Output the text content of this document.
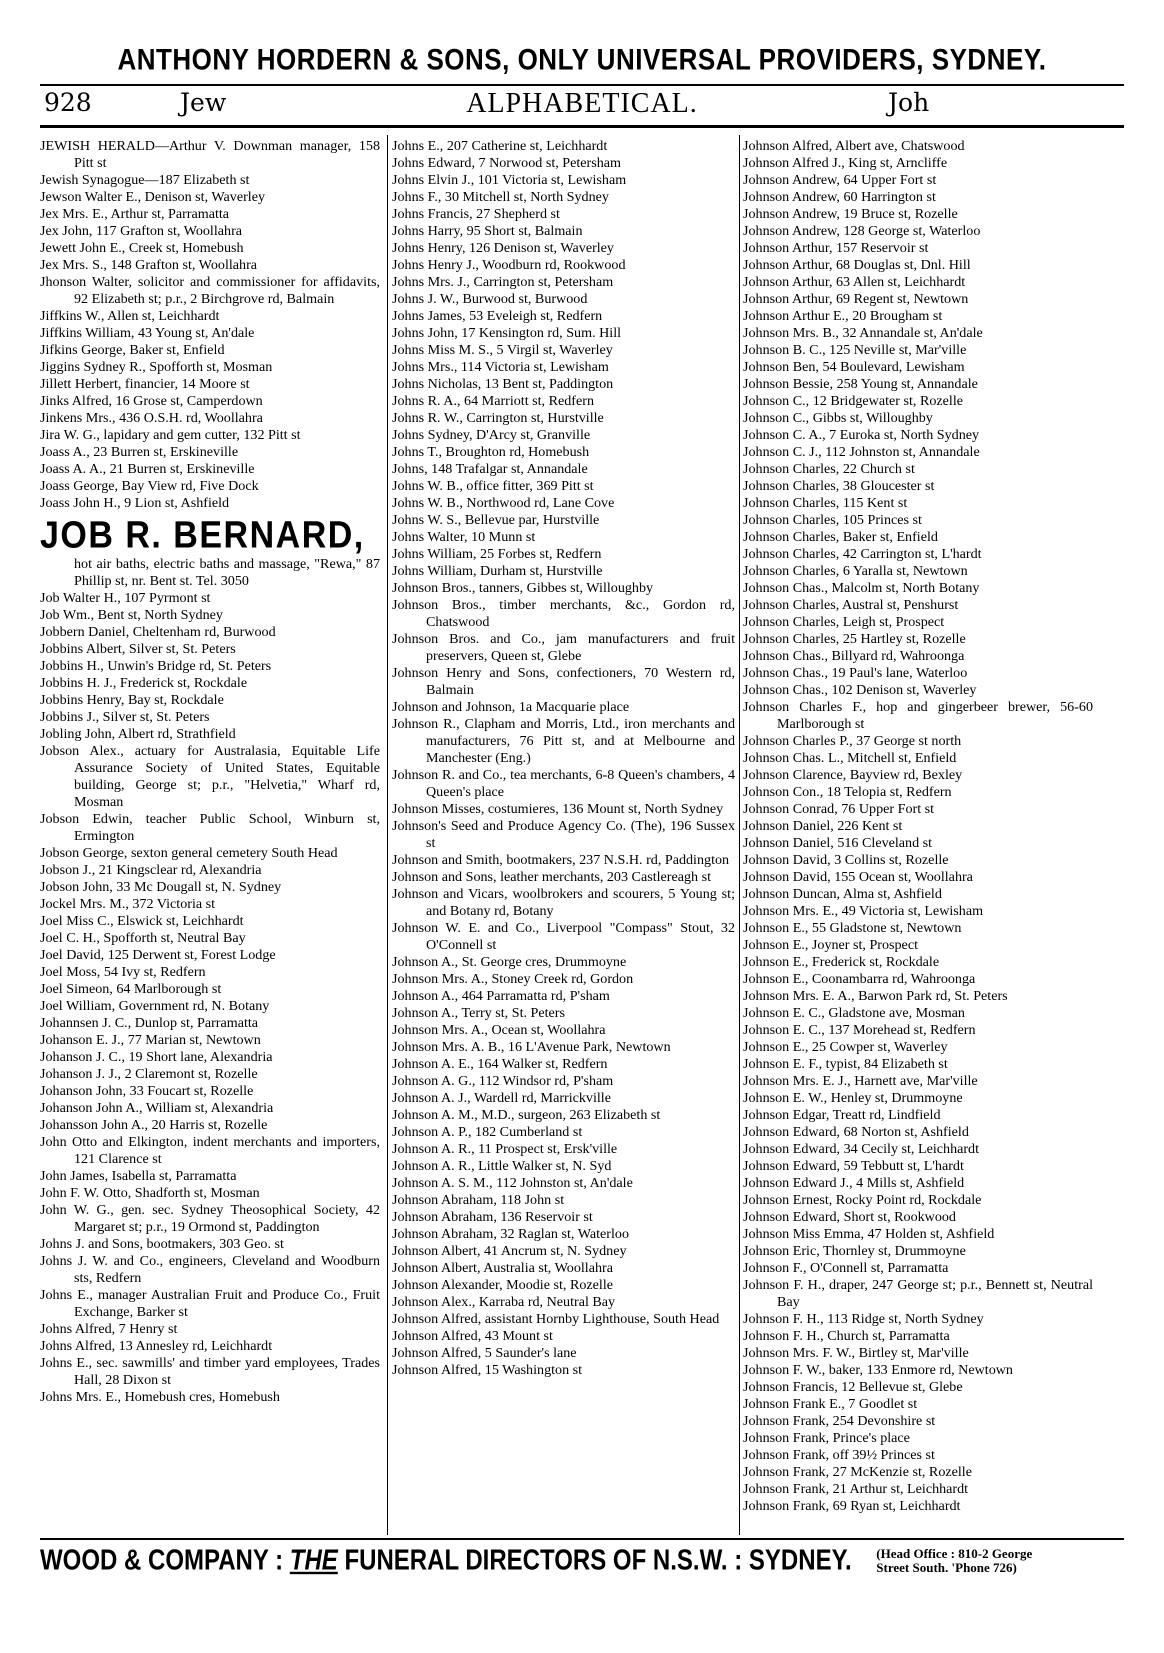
ANTHONY HORDERN & SONS, ONLY UNIVERSAL PROVIDERS, SYDNEY.
928	Jew	ALPHABETICAL.	Joh
JEWISH HERALD—Arthur V. Downman manager, 158 Pitt st
Jewish Synagogue—187 Elizabeth st
Jewson Walter E., Denison st, Waverley
Jex Mrs. E., Arthur st, Parramatta
Jex John, 117 Grafton st, Woollahra
Jewett John E., Creek st, Homebush
Jex Mrs. S., 148 Grafton st, Woollahra
Jhonson Walter, solicitor and commissioner for affidavits, 92 Elizabeth st; p.r., 2 Birchgrove rd, Balmain
Jiffkins W., Allen st, Leichhardt
Jiffkins William, 43 Young st, An'dale
Jifkins George, Baker st, Enfield
Jiggins Sydney R., Spofforth st, Mosman
Jillett Herbert, financier, 14 Moore st
Jinks Alfred, 16 Grose st, Camperdown
Jinkens Mrs., 436 O.S.H. rd, Woollahra
Jira W. G., lapidary and gem cutter, 132 Pitt st
Joass A., 23 Burren st, Erskineville
Joass A. A., 21 Burren st, Erskineville
Joass George, Bay View rd, Five Dock
Joass John H., 9 Lion st, Ashfield
JOB R. BERNARD,
hot air baths, electric baths and massage, "Rewa," 87 Phillip st, nr. Bent st. Tel. 3050
Job Walter H., 107 Pyrmont st
Job Wm., Bent st, North Sydney
Jobbern Daniel, Cheltenham rd, Burwood
Jobbins Albert, Silver st, St. Peters
Jobbins H., Unwin's Bridge rd, St. Peters
Jobbins H. J., Frederick st, Rockdale
Jobbins Henry, Bay st, Rockdale
Jobbins J., Silver st, St. Peters
Jobling John, Albert rd, Strathfield
Jobson Alex., actuary for Australasia, Equitable Life Assurance Society of United States, Equitable building, George st; p.r., "Helvetia," Wharf rd, Mosman
Jobson Edwin, teacher Public School, Winburn st, Ermington
Jobson George, sexton general cemetery South Head
Jobson J., 21 Kingsclear rd, Alexandria
Jobson John, 33 Mc Dougall st, N. Sydney
Jockel Mrs. M., 372 Victoria st
Joel Miss C., Elswick st, Leichhardt
Joel C. H., Spofforth st, Neutral Bay
Joel David, 125 Derwent st, Forest Lodge
Joel Moss, 54 Ivy st, Redfern
Joel Simeon, 64 Marlborough st
Joel William, Government rd, N. Botany
Johannsen J. C., Dunlop st, Parramatta
Johanson E. J., 77 Marian st, Newtown
Johanson J. C., 19 Short lane, Alexandria
Johanson J. J., 2 Claremont st, Rozelle
Johanson John, 33 Foucart st, Rozelle
Johanson John A., William st, Alexandria
Johansson John A., 20 Harris st, Rozelle
John Otto and Elkington, indent merchants and importers, 121 Clarence st
John James, Isabella st, Parramatta
John F. W. Otto, Shadforth st, Mosman
John W. G., gen. sec. Sydney Theosophical Society, 42 Margaret st; p.r., 19 Ormond st, Paddington
Johns J. and Sons, bootmakers, 303 Geo. st
Johns J. W. and Co., engineers, Cleveland and Woodburn sts, Redfern
Johns E., manager Australian Fruit and Produce Co., Fruit Exchange, Barker st
Johns Alfred, 7 Henry st
Johns Alfred, 13 Annesley rd, Leichhardt
Johns E., sec. sawmills' and timber yard employees, Trades Hall, 28 Dixon st
Johns Mrs. E., Homebush cres, Homebush
Johns E., 207 Catherine st, Leichhardt
Johns Edward, 7 Norwood st, Petersham
Johns Elvin J., 101 Victoria st, Lewisham
Johns F., 30 Mitchell st, North Sydney
Johns Francis, 27 Shepherd st
Johns Harry, 95 Short st, Balmain
Johns Henry, 126 Denison st, Waverley
Johns Henry J., Woodburn rd, Rookwood
Johns Mrs. J., Carrington st, Petersham
Johns J. W., Burwood st, Burwood
Johns James, 53 Eveleigh st, Redfern
Johns John, 17 Kensington rd, Sum. Hill
Johns Miss M. S., 5 Virgil st, Waverley
Johns Mrs., 114 Victoria st, Lewisham
Johns Nicholas, 13 Bent st, Paddington
Johns R. A., 64 Marriott st, Redfern
Johns R. W., Carrington st, Hurstville
Johns Sydney, D'Arcy st, Granville
Johns T., Broughton rd, Homebush
Johns, 148 Trafalgar st, Annandale
Johns W. B., office fitter, 369 Pitt st
Johns W. B., Northwood rd, Lane Cove
Johns W. S., Bellevue par, Hurstville
Johns Walter, 10 Munn st
Johns William, 25 Forbes st, Redfern
Johns William, Durham st, Hurstville
Johnson Bros., tanners, Gibbes st, Willoughby
Johnson Bros., timber merchants, &c., Gordon rd, Chatswood
Johnson Bros. and Co., jam manufacturers and fruit preservers, Queen st, Glebe
Johnson Henry and Sons, confectioners, 70 Western rd, Balmain
Johnson and Johnson, 1a Macquarie place
Johnson R., Clapham and Morris, Ltd., iron merchants and manufacturers, 76 Pitt st, and at Melbourne and Manchester (Eng.)
Johnson R. and Co., tea merchants, 6-8 Queen's chambers, 4 Queen's place
Johnson Misses, costumieres, 136 Mount st, North Sydney
Johnson's Seed and Produce Agency Co. (The), 196 Sussex st
Johnson and Smith, bootmakers, 237 N.S.H. rd, Paddington
Johnson and Sons, leather merchants, 203 Castlereagh st
Johnson and Vicars, woolbrokers and scourers, 5 Young st; and Botany rd, Botany
Johnson W. E. and Co., Liverpool "Compass" Stout, 32 O'Connell st
Johnson A., St. George cres, Drummoyne
Johnson Mrs. A., Stoney Creek rd, Gordon
Johnson A., 464 Parramatta rd, P'sham
Johnson A., Terry st, St. Peters
Johnson Mrs. A., Ocean st, Woollahra
Johnson Mrs. A. B., 16 L'Avenue Park, Newtown
Johnson A. E., 164 Walker st, Redfern
Johnson A. G., 112 Windsor rd, P'sham
Johnson A. J., Wardell rd, Marrickville
Johnson A. M., M.D., surgeon, 263 Elizabeth st
Johnson A. P., 182 Cumberland st
Johnson A. R., 11 Prospect st, Ersk'ville
Johnson A. R., Little Walker st, N. Syd
Johnson A. S. M., 112 Johnston st, An'dale
Johnson Abraham, 118 John st
Johnson Abraham, 136 Reservoir st
Johnson Abraham, 32 Raglan st, Waterloo
Johnson Albert, 41 Ancrum st, N. Sydney
Johnson Albert, Australia st, Woollahra
Johnson Alexander, Moodie st, Rozelle
Johnson Alex., Karraba rd, Neutral Bay
Johnson Alfred, assistant Hornby Lighthouse, South Head
Johnson Alfred, 43 Mount st
Johnson Alfred, 5 Saunder's lane
Johnson Alfred, 15 Washington st
Johnson Alfred, Albert ave, Chatswood
Johnson Alfred J., King st, Arncliffe
Johnson Andrew, 64 Upper Fort st
Johnson Andrew, 60 Harrington st
Johnson Andrew, 19 Bruce st, Rozelle
Johnson Andrew, 128 George st, Waterloo
Johnson Arthur, 157 Reservoir st
Johnson Arthur, 68 Douglas st, Dnl. Hill
Johnson Arthur, 63 Allen st, Leichhardt
Johnson Arthur, 69 Regent st, Newtown
Johnson Arthur E., 20 Brougham st
Johnson Mrs. B., 32 Annandale st, An'dale
Johnson B. C., 125 Neville st, Mar'ville
Johnson Ben, 54 Boulevard, Lewisham
Johnson Bessie, 258 Young st, Annandale
Johnson C., 12 Bridgewater st, Rozelle
Johnson C., Gibbs st, Willoughby
Johnson C. A., 7 Euroka st, North Sydney
Johnson C. J., 112 Johnston st, Annandale
Johnson Charles, 22 Church st
Johnson Charles, 38 Gloucester st
Johnson Charles, 115 Kent st
Johnson Charles, 105 Princes st
Johnson Charles, Baker st, Enfield
Johnson Charles, 42 Carrington st, L'hardt
Johnson Charles, 6 Yaralla st, Newtown
Johnson Chas., Malcolm st, North Botany
Johnson Charles, Austral st, Penshurst
Johnson Charles, Leigh st, Prospect
Johnson Charles, 25 Hartley st, Rozelle
Johnson Chas., Billyard rd, Wahroonga
Johnson Chas., 19 Paul's lane, Waterloo
Johnson Chas., 102 Denison st, Waverley
Johnson Charles F., hop and gingerbeer brewer, 56-60 Marlborough st
Johnson Charles P., 37 George st north
Johnson Chas. L., Mitchell st, Enfield
Johnson Clarence, Bayview rd, Bexley
Johnson Con., 18 Telopia st, Redfern
Johnson Conrad, 76 Upper Fort st
Johnson Daniel, 226 Kent st
Johnson Daniel, 516 Cleveland st
Johnson David, 3 Collins st, Rozelle
Johnson David, 155 Ocean st, Woollahra
Johnson Duncan, Alma st, Ashfield
Johnson Mrs. E., 49 Victoria st, Lewisham
Johnson E., 55 Gladstone st, Newtown
Johnson E., Joyner st, Prospect
Johnson E., Frederick st, Rockdale
Johnson E., Coonambarra rd, Wahroonga
Johnson Mrs. E. A., Barwon Park rd, St. Peters
Johnson E. C., Gladstone ave, Mosman
Johnson E. C., 137 Morehead st, Redfern
Johnson E., 25 Cowper st, Waverley
Johnson E. F., typist, 84 Elizabeth st
Johnson Mrs. E. J., Harnett ave, Mar'ville
Johnson E. W., Henley st, Drummoyne
Johnson Edgar, Treatt rd, Lindfield
Johnson Edward, 68 Norton st, Ashfield
Johnson Edward, 34 Cecily st, Leichhardt
Johnson Edward, 59 Tebbutt st, L'hardt
Johnson Edward J., 4 Mills st, Ashfield
Johnson Ernest, Rocky Point rd, Rockdale
Johnson Edward, Short st, Rookwood
Johnson Miss Emma, 47 Holden st, Ashfield
Johnson Eric, Thornley st, Drummoyne
Johnson F., O'Connell st, Parramatta
Johnson F. H., draper, 247 George st; p.r., Bennett st, Neutral Bay
Johnson F. H., 113 Ridge st, North Sydney
Johnson F. H., Church st, Parramatta
Johnson Mrs. F. W., Birtley st, Mar'ville
Johnson F. W., baker, 133 Enmore rd, Newtown
Johnson Francis, 12 Bellevue st, Glebe
Johnson Frank E., 7 Goodlet st
Johnson Frank, 254 Devonshire st
Johnson Frank, Prince's place
Johnson Frank, off 39½ Princes st
Johnson Frank, 27 McKenzie st, Rozelle
Johnson Frank, 21 Arthur st, Leichhardt
Johnson Frank, 69 Ryan st, Leichhardt
WOOD & COMPANY : THE FUNERAL DIRECTORS OF N.S.W. : SYDNEY. (Head Office : 810-2 George
Street South. 'Phone 726)
